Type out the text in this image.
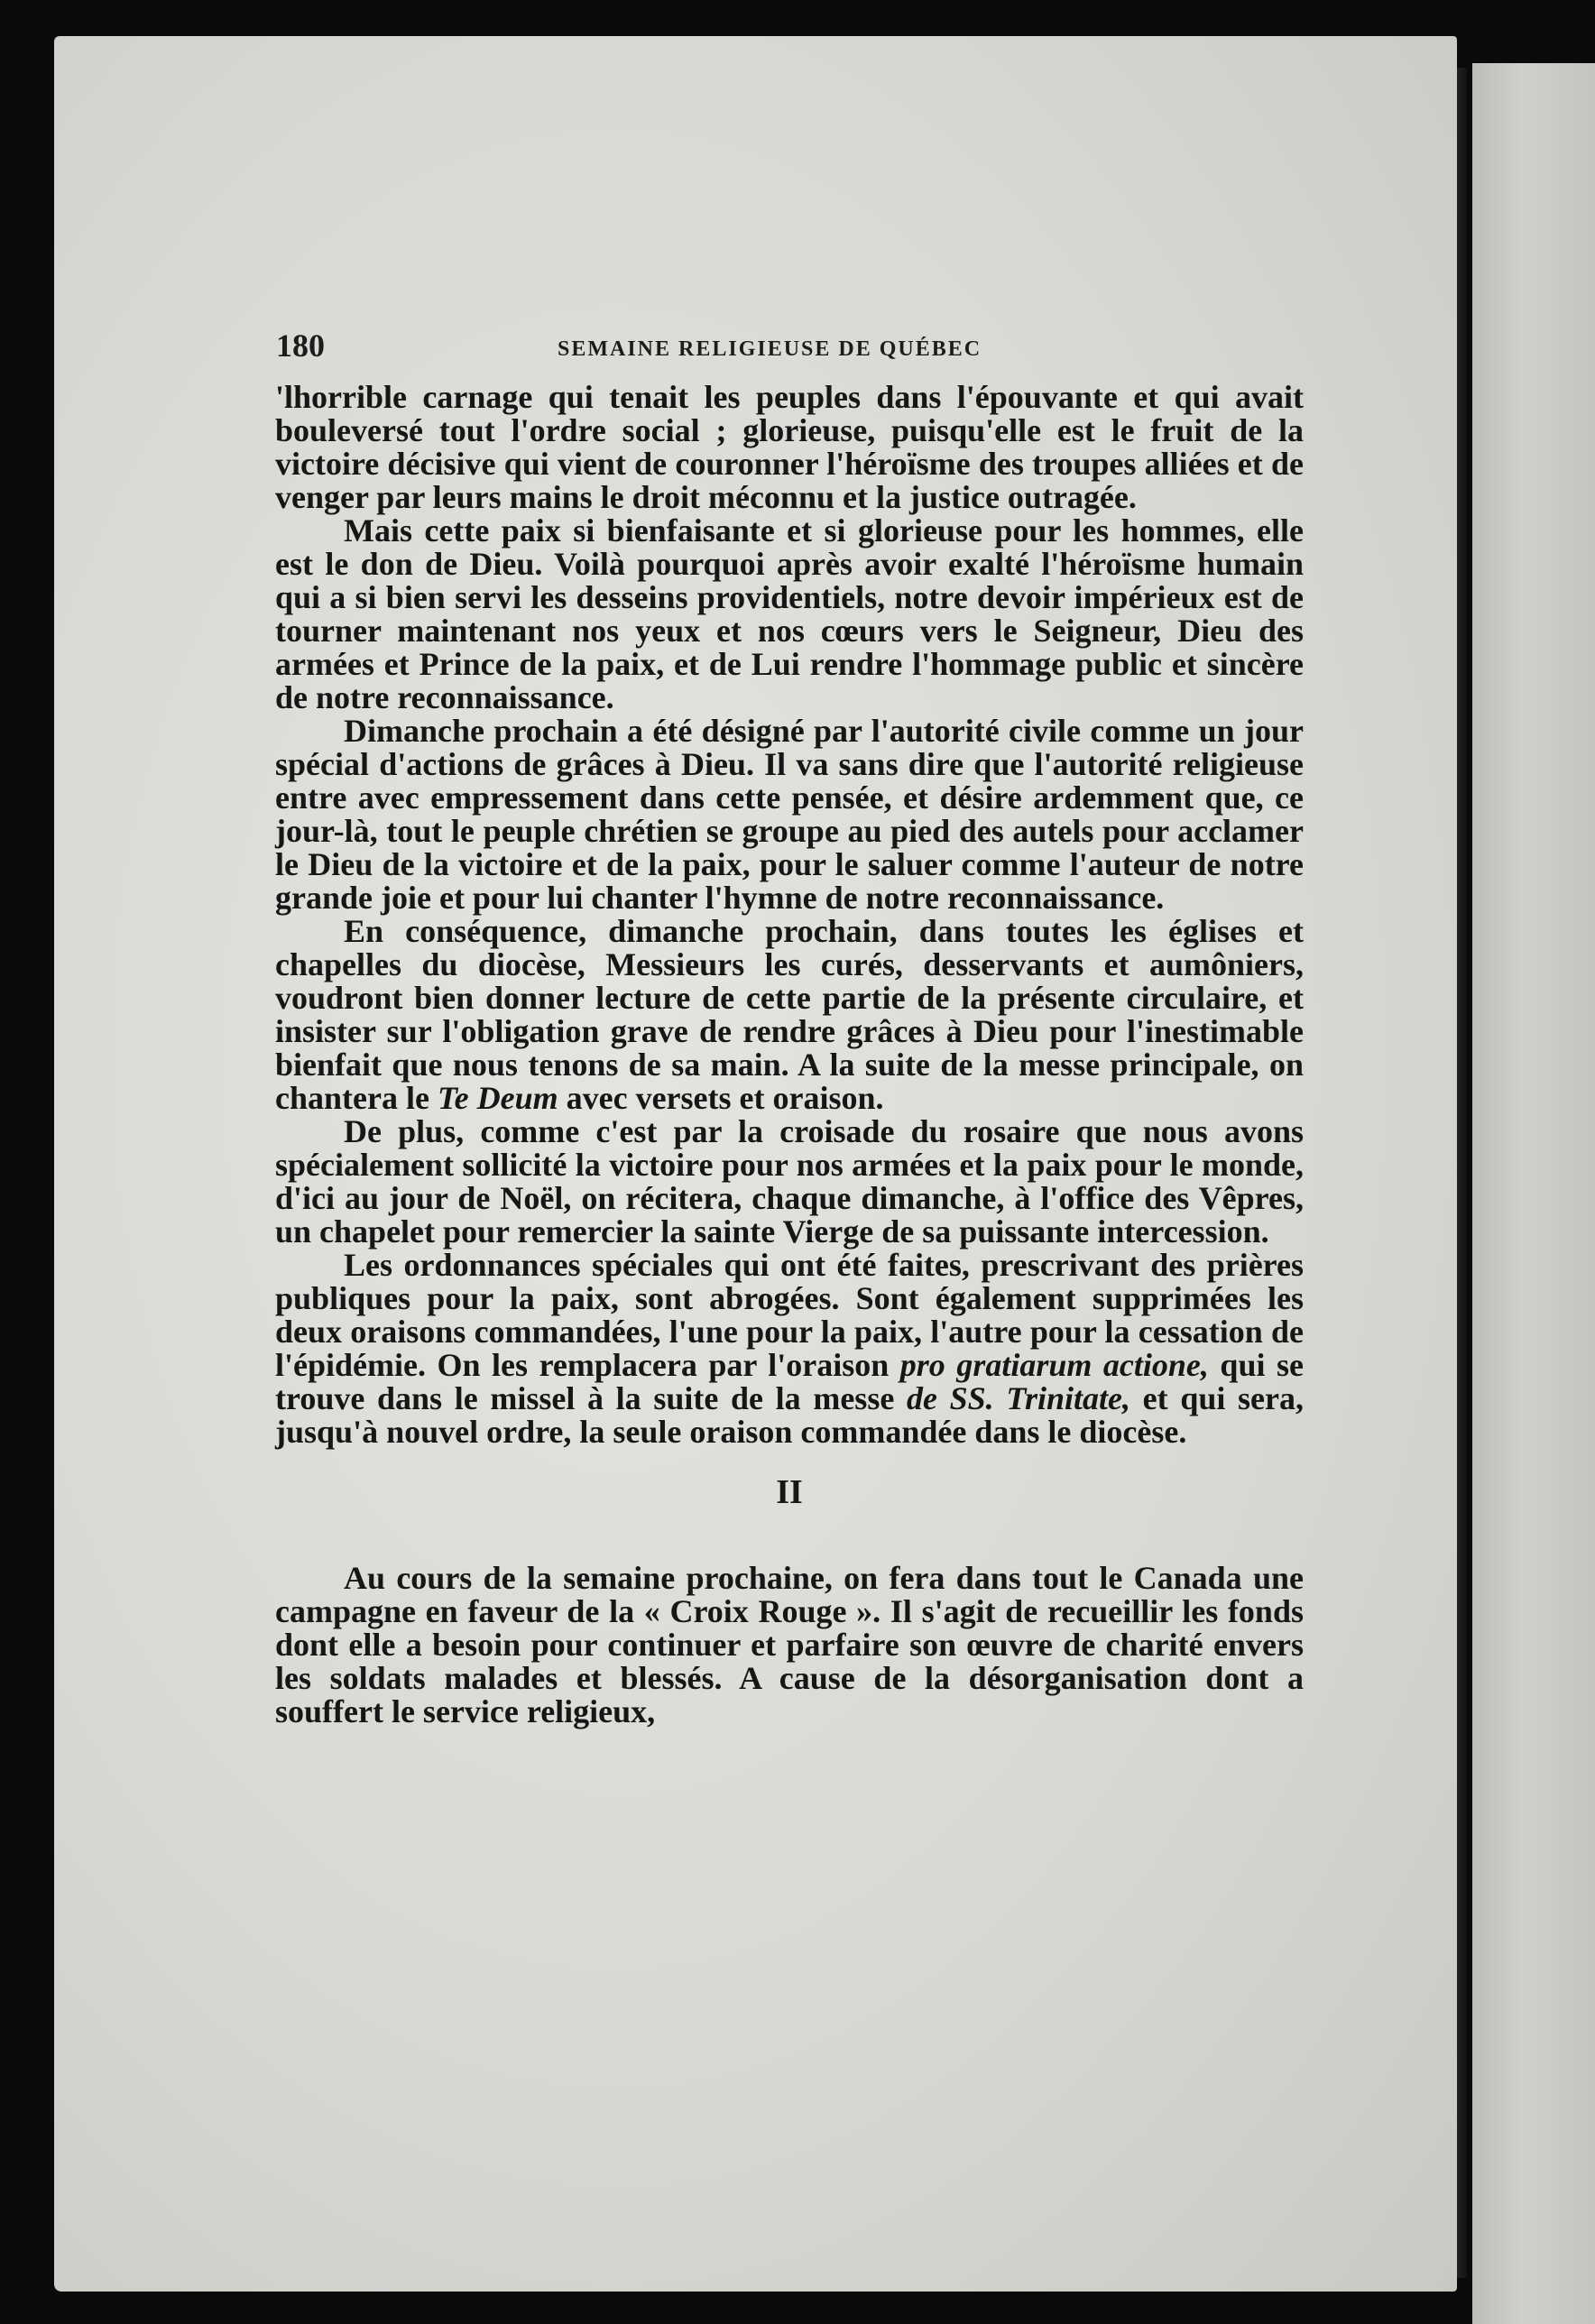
180	SEMAINE RELIGIEUSE DE QUÉBEC

'lhorrible carnage qui tenait les peuples dans l'épouvante et qui avait bouleversé tout l'ordre social ; glorieuse, puisqu'elle est le fruit de la victoire décisive qui vient de couronner l'héroïsme des troupes alliées et de venger par leurs mains le droit méconnu et la justice outragée.

Mais cette paix si bienfaisante et si glorieuse pour les hommes, elle est le don de Dieu. Voilà pourquoi après avoir exalté l'héroïsme humain qui a si bien servi les desseins providentiels, notre devoir impérieux est de tourner maintenant nos yeux et nos cœurs vers le Seigneur, Dieu des armées et Prince de la paix, et de Lui rendre l'hommage public et sincère de notre reconnaissance.

Dimanche prochain a été désigné par l'autorité civile comme un jour spécial d'actions de grâces à Dieu. Il va sans dire que l'autorité religieuse entre avec empressement dans cette pensée, et désire ardemment que, ce jour-là, tout le peuple chrétien se groupe au pied des autels pour acclamer le Dieu de la victoire et de la paix, pour le saluer comme l'auteur de notre grande joie et pour lui chanter l'hymne de notre reconnaissance.

En conséquence, dimanche prochain, dans toutes les églises et chapelles du diocèse, Messieurs les curés, desservants et aumôniers, voudront bien donner lecture de cette partie de la présente circulaire, et insister sur l'obligation grave de rendre grâces à Dieu pour l'inestimable bienfait que nous tenons de sa main. A la suite de la messe principale, on chantera le Te Deum avec versets et oraison.

De plus, comme c'est par la croisade du rosaire que nous avons spécialement sollicité la victoire pour nos armées et la paix pour le monde, d'ici au jour de Noël, on récitera, chaque dimanche, à l'office des Vêpres, un chapelet pour remercier la sainte Vierge de sa puissante intercession.

Les ordonnances spéciales qui ont été faites, prescrivant des prières publiques pour la paix, sont abrogées. Sont également supprimées les deux oraisons commandées, l'une pour la paix, l'autre pour la cessation de l'épidémie. On les remplacera par l'oraison pro gratiarum actione, qui se trouve dans le missel à la suite de la messe de SS. Trinitate, et qui sera, jusqu'à nouvel ordre, la seule oraison commandée dans le diocèse.

II

Au cours de la semaine prochaine, on fera dans tout le Canada une campagne en faveur de la « Croix Rouge ». Il s'agit de recueillir les fonds dont elle a besoin pour continuer et parfaire son œuvre de charité envers les soldats malades et blessés. A cause de la désorganisation dont a souffert le service religieux,
